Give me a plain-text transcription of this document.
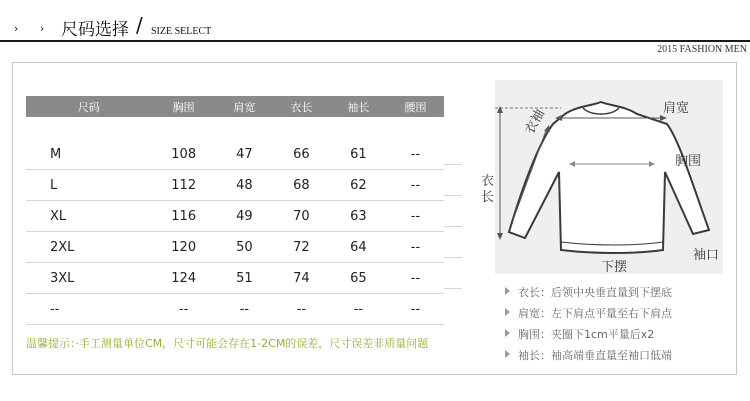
› › ›
尺码选择 / SIZE SELECT
2015 FASHION MEN
尺码	胸围	肩宽	衣长	袖长	腰围

M	108	47	66	61	--
L	112	48	68	62	--
XL	116	49	70	63	--
2XL	120	50	72	64	--
3XL	124	51	74	65	--
--	--	--	--	--	--
温馨提示：·手工测量单位CM，尺寸可能会存在1-2CM的误差，尺寸误差非质量问题
肩宽
衣袖
胸围
衣长
袖口
下摆
衣长：后领中央垂直量到下摆底
肩宽：左下肩点平量至右下肩点
胸围：夹圈下1cm平量后x2
袖长：袖高端垂直量至袖口低端
